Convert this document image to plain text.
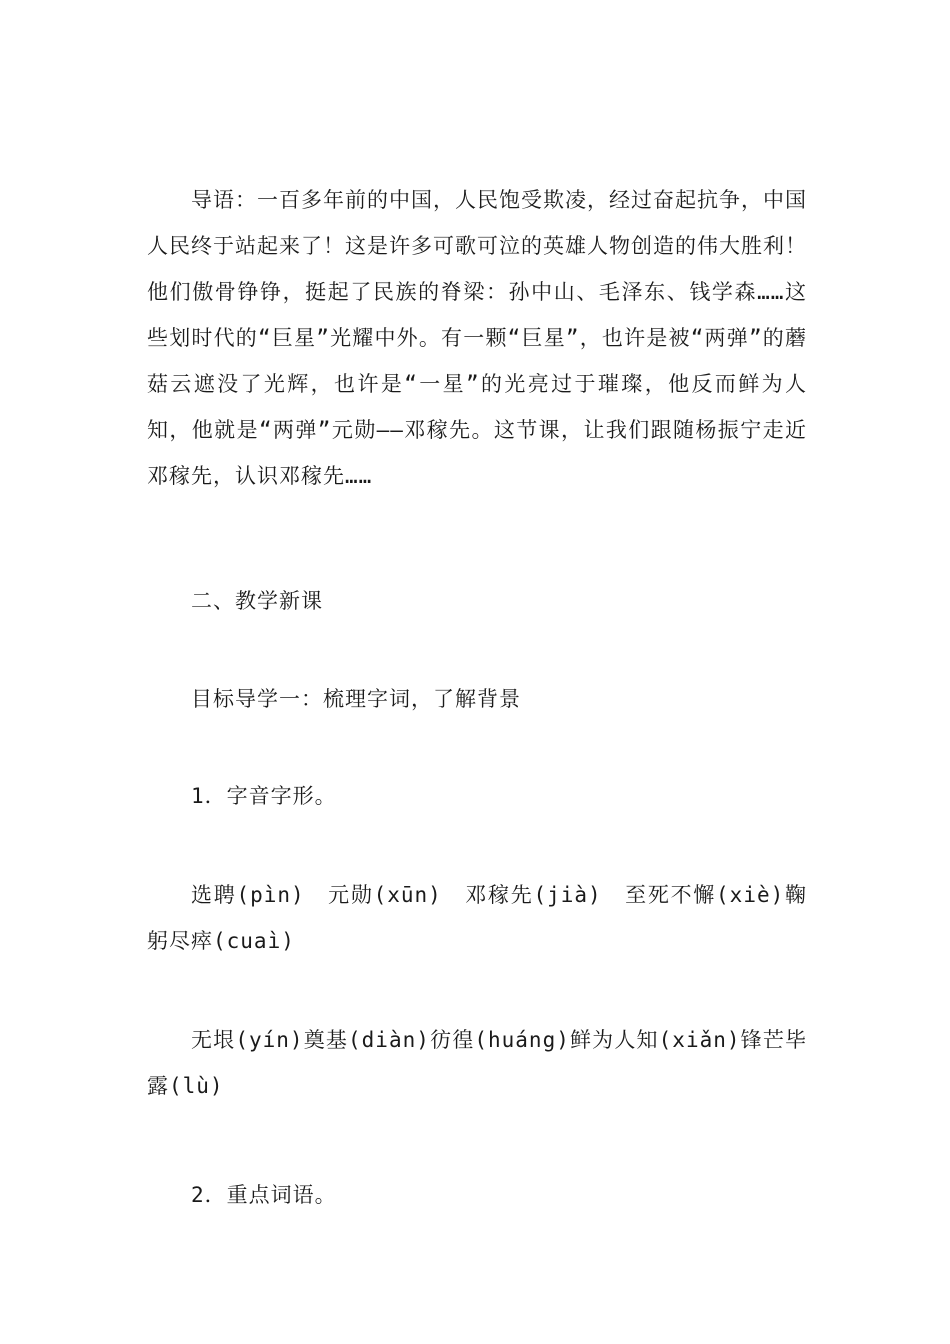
导语：一百多年前的中国，人民饱受欺凌，经过奋起抗争，中国人民终于站起来了！这是许多可歌可泣的英雄人物创造的伟大胜利！他们傲骨铮铮，挺起了民族的脊梁：孙中山、毛泽东、钱学森……这些划时代的“巨星”光耀中外。有一颗“巨星”，也许是被“两弹”的蘑菇云遮没了光辉，也许是“一星”的光亮过于璀璨，他反而鲜为人知，他就是“两弹”元勋——邓稼先。这节课，让我们跟随杨振宁走近邓稼先，认识邓稼先……

二、教学新课

目标导学一：梳理字词，了解背景

1．字音字形。

选聘(pìn)　元勋(xūn)　邓稼先(jià)　至死不懈(xiè)鞠躬尽瘁(cuaì)

无垠(yín)奠基(diàn)彷徨(huáng)鲜为人知(xiǎn)锋芒毕露(lù)

2．重点词语。
